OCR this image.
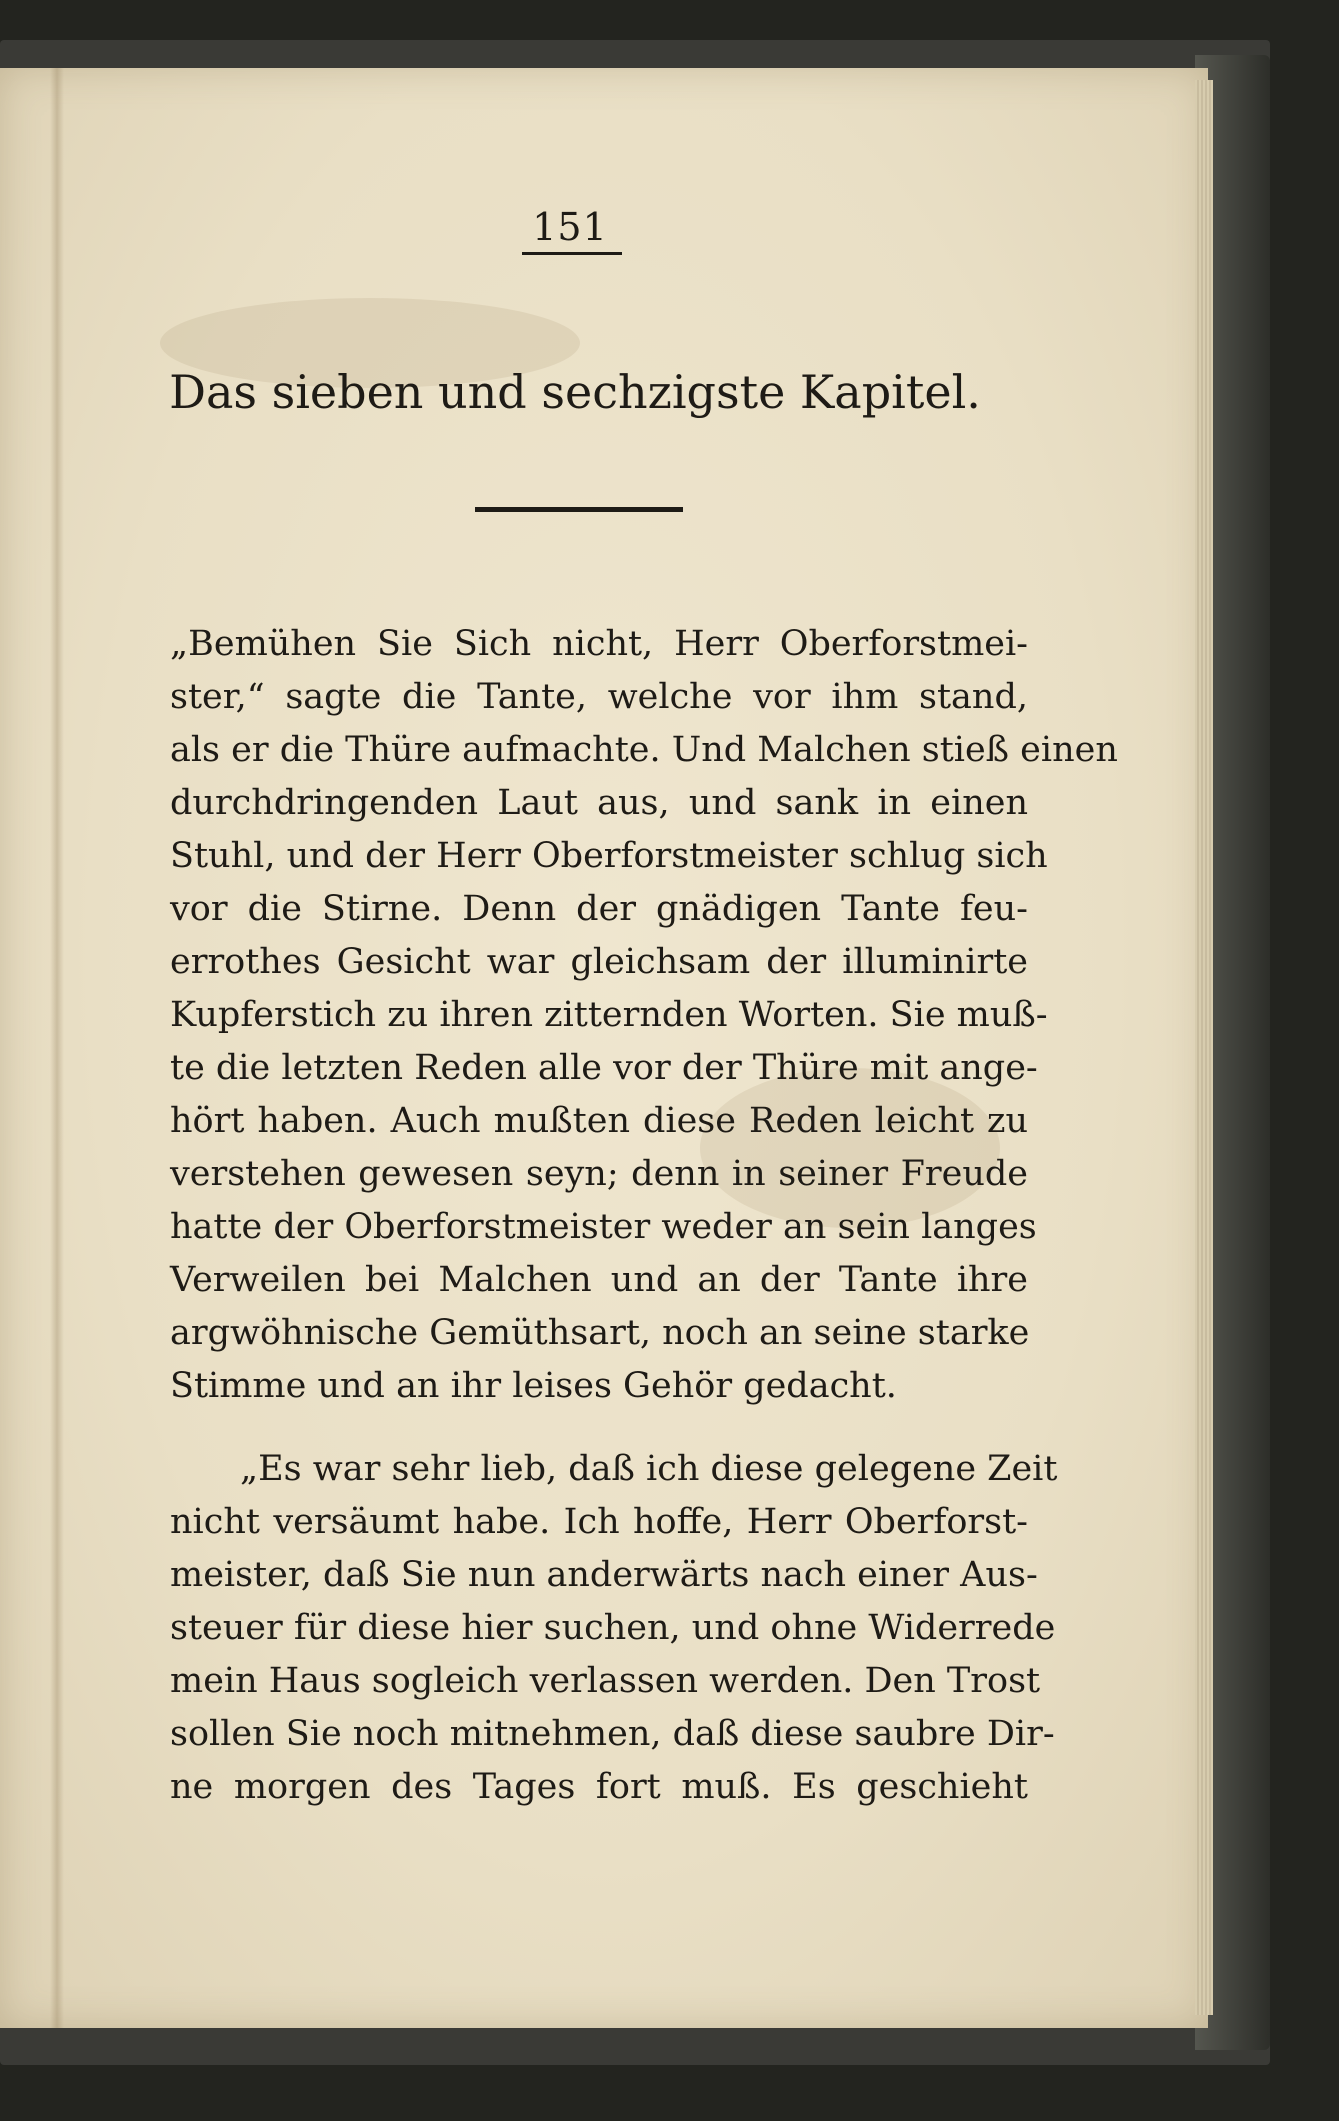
151
Das sieben und sechzigste Kapitel.
„Bemühen Sie Sich nicht, Herr Oberforstmei-
ster,“ sagte die Tante, welche vor ihm stand,
als er die Thüre aufmachte. Und Malchen stieß einen
durchdringenden Laut aus, und sank in einen
Stuhl, und der Herr Oberforstmeister schlug sich
vor die Stirne. Denn der gnädigen Tante feu-
errothes Gesicht war gleichsam der illuminirte
Kupferstich zu ihren zitternden Worten. Sie muß-
te die letzten Reden alle vor der Thüre mit ange-
hört haben. Auch mußten diese Reden leicht zu
verstehen gewesen seyn; denn in seiner Freude
hatte der Oberforstmeister weder an sein langes
Verweilen bei Malchen und an der Tante ihre
argwöhnische Gemüthsart, noch an seine starke
Stimme und an ihr leises Gehör gedacht.
„Es war sehr lieb, daß ich diese gelegene Zeit
nicht versäumt habe. Ich hoffe, Herr Oberforst-
meister, daß Sie nun anderwärts nach einer Aus-
steuer für diese hier suchen, und ohne Widerrede
mein Haus sogleich verlassen werden. Den Trost
sollen Sie noch mitnehmen, daß diese saubre Dir-
ne morgen des Tages fort muß. Es geschieht
